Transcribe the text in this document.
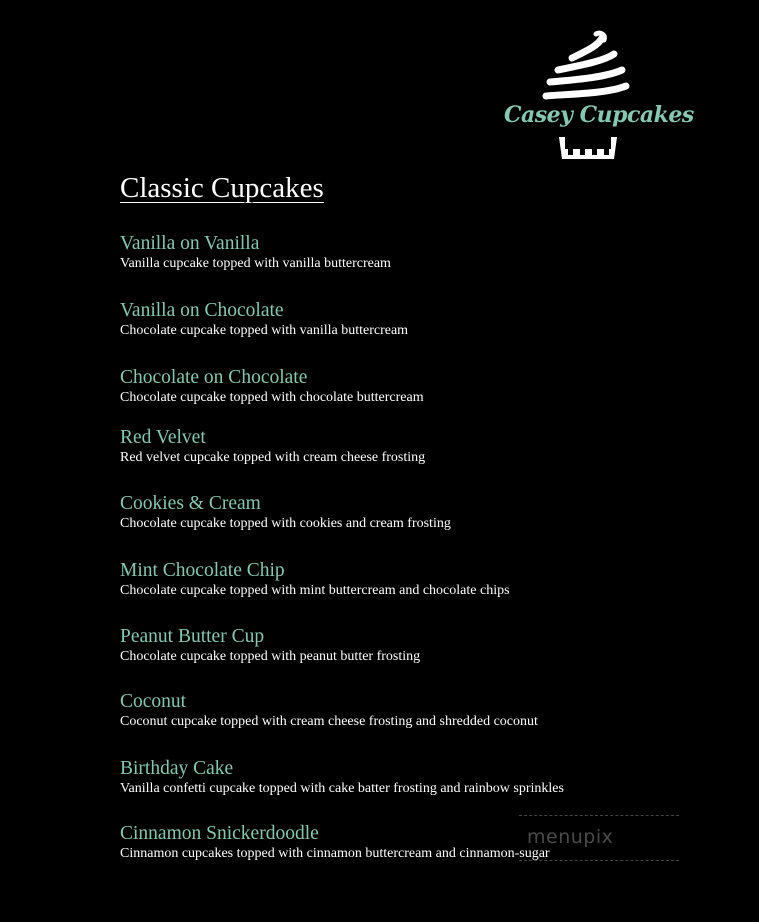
Casey Cupcakes
Classic Cupcakes
Vanilla on Vanilla
Vanilla cupcake topped with vanilla buttercream
Vanilla on Chocolate
Chocolate cupcake topped with vanilla buttercream
Chocolate on Chocolate
Chocolate cupcake topped with chocolate buttercream
Red Velvet
Red velvet cupcake topped with cream cheese frosting
Cookies & Cream
Chocolate cupcake topped with cookies and cream frosting
Mint Chocolate Chip
Chocolate cupcake topped with mint buttercream and chocolate chips
Peanut Butter Cup
Chocolate cupcake topped with peanut butter frosting
Coconut
Coconut cupcake topped with cream cheese frosting and shredded coconut
Birthday Cake
Vanilla confetti cupcake topped with cake batter frosting and rainbow sprinkles
Cinnamon Snickerdoodle
Cinnamon cupcakes topped with cinnamon buttercream and cinnamon-sugar
menupix
